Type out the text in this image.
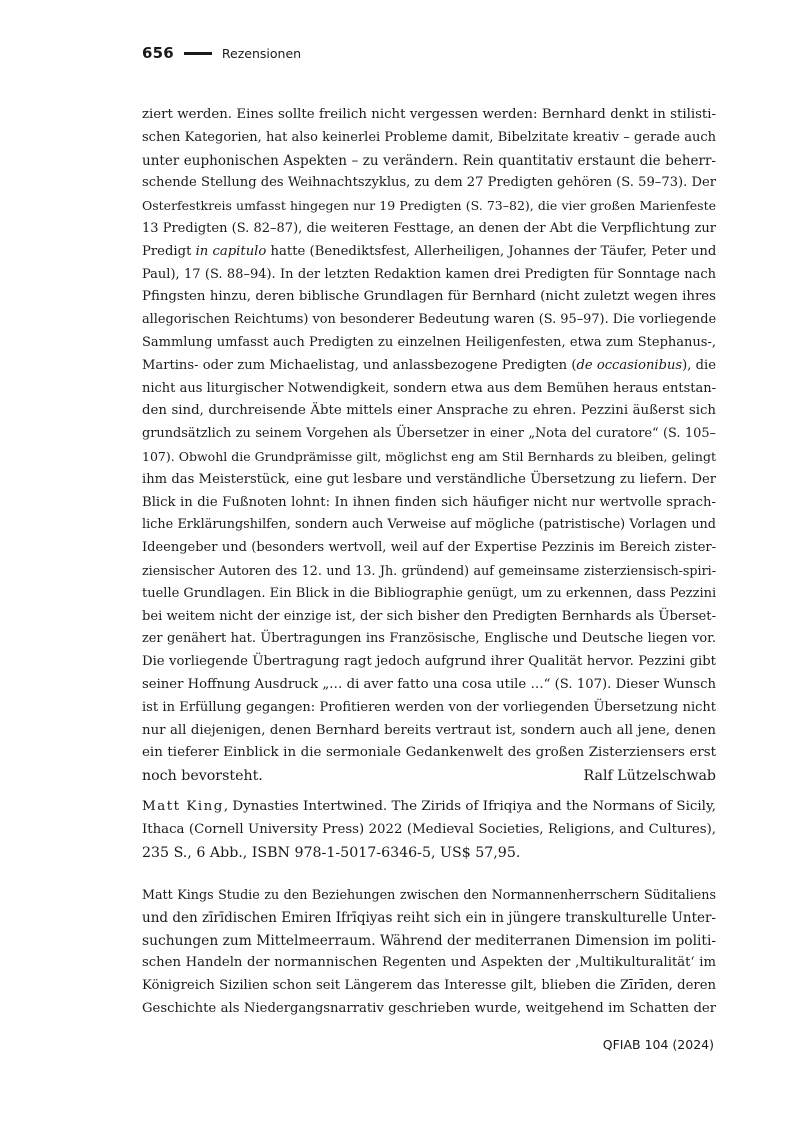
656	Rezensionen
ziert werden. Eines sollte freilich nicht vergessen werden: Bernhard denkt in stilisti-
schen Kategorien, hat also keinerlei Probleme damit, Bibelzitate kreativ – gerade auch
unter euphonischen Aspekten – zu verändern. Rein quantitativ erstaunt die beherr-
schende Stellung des Weihnachtszyklus, zu dem 27 Predigten gehören (S. 59–73). Der
Osterfestkreis umfasst hingegen nur 19 Predigten (S. 73–82), die vier großen Marienfeste
13 Predigten (S. 82–87), die weiteren Festtage, an denen der Abt die Verpflichtung zur
Predigt in capitulo hatte (Benediktsfest, Allerheiligen, Johannes der Täufer, Peter und
Paul), 17 (S. 88–94). In der letzten Redaktion kamen drei Predigten für Sonntage nach
Pfingsten hinzu, deren biblische Grundlagen für Bernhard (nicht zuletzt wegen ihres
allegorischen Reichtums) von besonderer Bedeutung waren (S. 95–97). Die vorliegende
Sammlung umfasst auch Predigten zu einzelnen Heiligenfesten, etwa zum Stephanus-,
Martins- oder zum Michaelistag, und anlassbezogene Predigten (de occasionibus), die
nicht aus liturgischer Notwendigkeit, sondern etwa aus dem Bemühen heraus entstan-
den sind, durchreisende Äbte mittels einer Ansprache zu ehren. Pezzini äußerst sich
grundsätzlich zu seinem Vorgehen als Übersetzer in einer „Nota del curatore“ (S. 105–
107). Obwohl die Grundprämisse gilt, möglichst eng am Stil Bernhards zu bleiben, gelingt
ihm das Meisterstück, eine gut lesbare und verständliche Übersetzung zu liefern. Der
Blick in die Fußnoten lohnt: In ihnen finden sich häufiger nicht nur wertvolle sprach-
liche Erklärungshilfen, sondern auch Verweise auf mögliche (patristische) Vorlagen und
Ideengeber und (besonders wertvoll, weil auf der Expertise Pezzinis im Bereich zister-
ziensischer Autoren des 12. und 13. Jh. gründend) auf gemeinsame zisterziensisch-spiri-
tuelle Grundlagen. Ein Blick in die Bibliographie genügt, um zu erkennen, dass Pezzini
bei weitem nicht der einzige ist, der sich bisher den Predigten Bernhards als Überset-
zer genähert hat. Übertragungen ins Französische, Englische und Deutsche liegen vor.
Die vorliegende Übertragung ragt jedoch aufgrund ihrer Qualität hervor. Pezzini gibt
seiner Hoffnung Ausdruck „… di aver fatto una cosa utile …“ (S. 107). Dieser Wunsch
ist in Erfüllung gegangen: Profitieren werden von der vorliegenden Übersetzung nicht
nur all diejenigen, denen Bernhard bereits vertraut ist, sondern auch all jene, denen
ein tieferer Einblick in die sermoniale Gedankenwelt des großen Zisterziensers erst
noch bevorsteht.	Ralf Lützelschwab
Matt King, Dynasties Intertwined. The Zirids of Ifriqiya and the Normans of Sicily,
Ithaca (Cornell University Press) 2022 (Medieval Societies, Religions, and Cultures),
235 S., 6 Abb., ISBN 978-1-5017-6346-5, US$ 57,95.
Matt Kings Studie zu den Beziehungen zwischen den Normannenherrschern Süditaliens
und den zīrīdischen Emiren Ifrīqiyas reiht sich ein in jüngere transkulturelle Unter-
suchungen zum Mittelmeerraum. Während der mediterranen Dimension im politi-
schen Handeln der normannischen Regenten und Aspekten der ‚Multikulturalität‘ im
Königreich Sizilien schon seit Längerem das Interesse gilt, blieben die Zīrīden, deren
Geschichte als Niedergangsnarrativ geschrieben wurde, weitgehend im Schatten der
QFIAB 104 (2024)
